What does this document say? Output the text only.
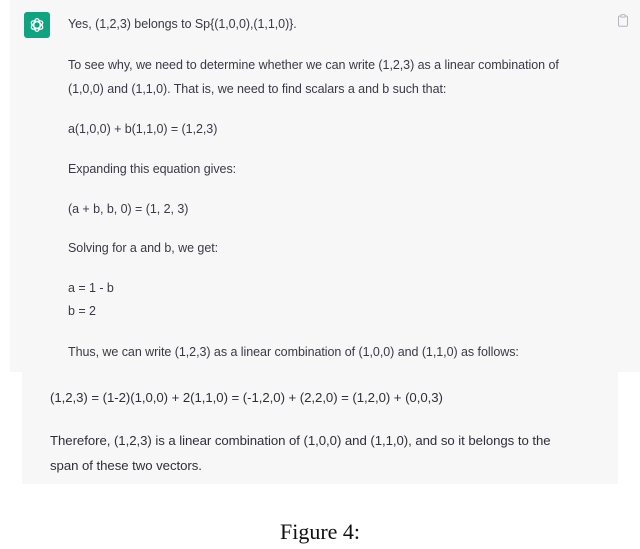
Yes, (1,2,3) belongs to Sp{(1,0,0),(1,1,0)}.
To see why, we need to determine whether we can write (1,2,3) as a linear combination of
(1,0,0) and (1,1,0). That is, we need to find scalars a and b such that:
a(1,0,0) + b(1,1,0) = (1,2,3)
Expanding this equation gives:
(a + b, b, 0) = (1, 2, 3)
Solving for a and b, we get:
a = 1 - b
b = 2
Thus, we can write (1,2,3) as a linear combination of (1,0,0) and (1,1,0) as follows:
(1,2,3) = (1-2)(1,0,0) + 2(1,1,0) = (-1,2,0) + (2,2,0) = (1,2,0) + (0,0,3)
Therefore, (1,2,3) is a linear combination of (1,0,0) and (1,1,0), and so it belongs to the
span of these two vectors.
Figure 4:
